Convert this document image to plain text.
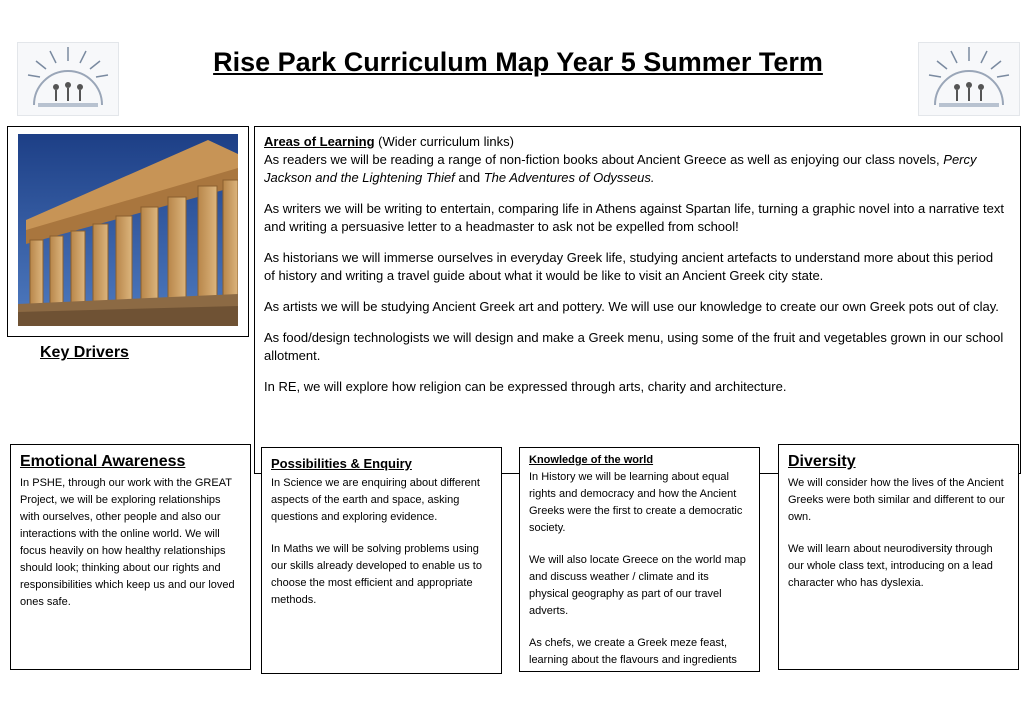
Rise Park Curriculum Map Year 5 Summer Term
Key Drivers

Areas of Learning (Wider curriculum links)

As readers we will be reading a range of non-fiction books about Ancient Greece as well as enjoying our class novels, Percy Jackson and the Lightening Thief and The Adventures of Odysseus.

As writers we will be writing to entertain, comparing life in Athens against Spartan life, turning a graphic novel into a narrative text and writing a persuasive letter to a headmaster to ask not be expelled from school!

As historians we will immerse ourselves in everyday Greek life, studying ancient artefacts to understand more about this period of history and writing a travel guide about what it would be like to visit an Ancient Greek city state.

As artists we will be studying Ancient Greek art and pottery. We will use our knowledge to create our own Greek pots out of clay.

As food/design technologists we will design and make a Greek menu, using some of the fruit and vegetables grown in our school allotment.

In RE, we will explore how religion can be expressed through arts, charity and architecture.

Emotional Awareness

In PSHE, through our work with the GREAT Project, we will be exploring relationships with ourselves, other people and also our interactions with the online world. We will focus heavily on how healthy relationships should look; thinking about our rights and responsibilities which keep us and our loved ones safe.

Possibilities & Enquiry

In Science we are enquiring about different aspects of the earth and space, asking questions and exploring evidence.

In Maths we will be solving problems using our skills already developed to enable us to choose the most efficient and appropriate methods.

Knowledge of the world

In History we will be learning about equal rights and democracy and how the Ancient Greeks were the first to create a democratic society.

We will also locate Greece on the world map and discuss weather / climate and its physical geography as part of our travel adverts.

As chefs, we create a Greek meze feast, learning about the flavours and ingredients

Diversity

We will consider how the lives of the Ancient Greeks were both similar and different to our own.

We will learn about neurodiversity through our whole class text, introducing on a lead character who has dyslexia.
